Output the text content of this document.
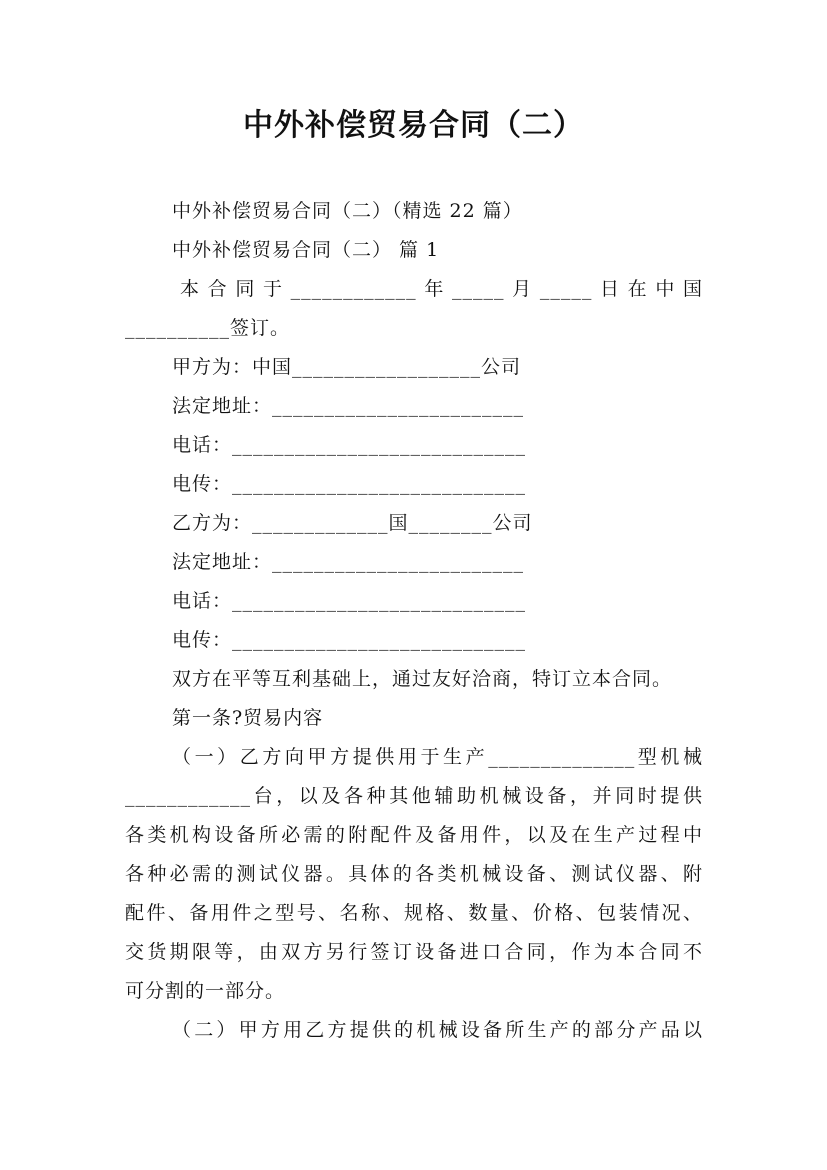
中外补偿贸易合同（二）
中外补偿贸易合同（二）（精选 22 篇）
中外补偿贸易合同（二） 篇 1
本合同于____________年_____月_____日在中国
__________签订。
甲方为：中国__________________公司
法定地址：________________________
电话：____________________________
电传：____________________________
乙方为：_____________国________公司
法定地址：________________________
电话：____________________________
电传：____________________________
双方在平等互利基础上，通过友好洽商，特订立本合同。
第一条?贸易内容
（一）乙方向甲方提供用于生产______________型机械
____________台，以及各种其他辅助机械设备，并同时提供
各类机构设备所必需的附配件及备用件，以及在生产过程中
各种必需的测试仪器。具体的各类机械设备、测试仪器、附
配件、备用件之型号、名称、规格、数量、价格、包装情况、
交货期限等，由双方另行签订设备进口合同，作为本合同不
可分割的一部分。
（二）甲方用乙方提供的机械设备所生产的部分产品以
